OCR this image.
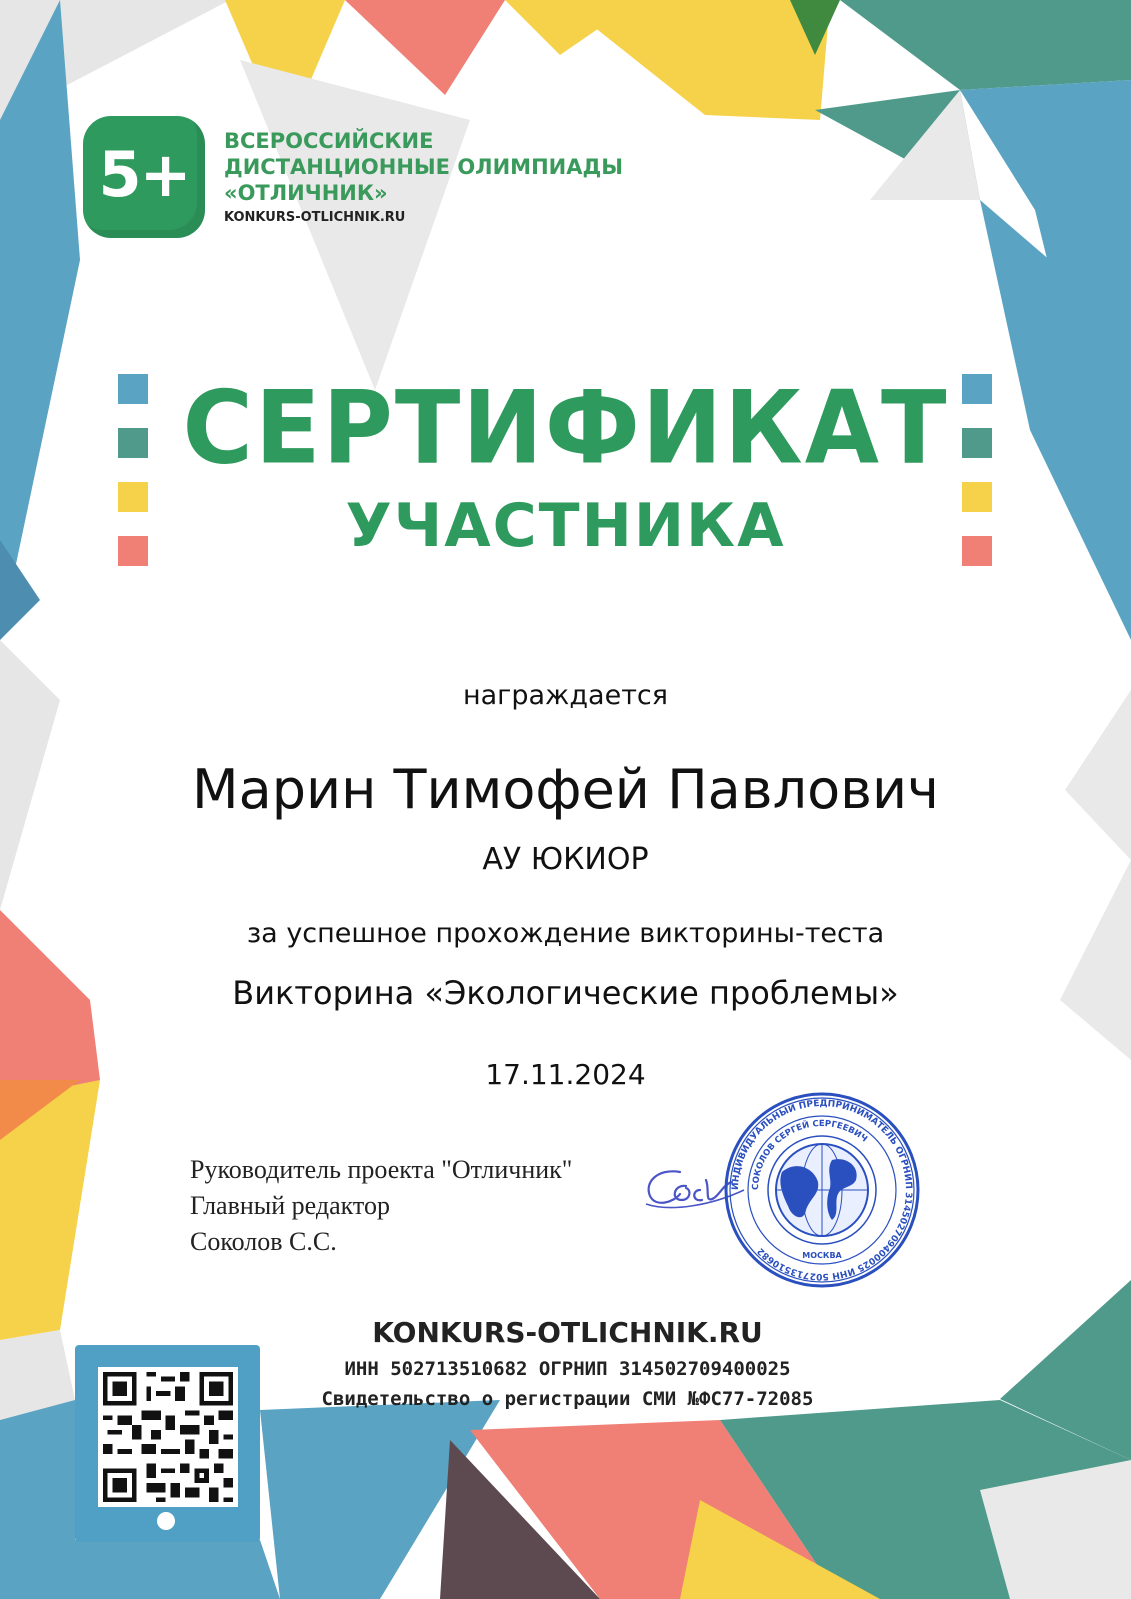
5+	ВСЕРОССИЙСКИЕ
ДИСТАНЦИОННЫЕ ОЛИМПИАДЫ
«ОТЛИЧНИК»
KONKURS-OTLICHNIK.RU
СЕРТИФИКАТ
УЧАСТНИКА
награждается
Марин Тимофей Павлович
АУ ЮКИОР
за успешное прохождение викторины-теста
Викторина «Экологические проблемы»
17.11.2024
Руководитель проекта "Отличник"
Главный редактор
Соколов С.С.
ИНДИВИДУАЛЬНЫЙ ПРЕДПРИНИМАТЕЛЬ ОГРНИП 314502709400025 ИНН 502713510682
СОКОЛОВ СЕРГЕЙ СЕРГЕЕВИЧ
МОСКВА
KONKURS-OTLICHNIK.RU
ИНН 502713510682 ОГРНИП 314502709400025
Свидетельство о регистрации СМИ №ФС77-72085
